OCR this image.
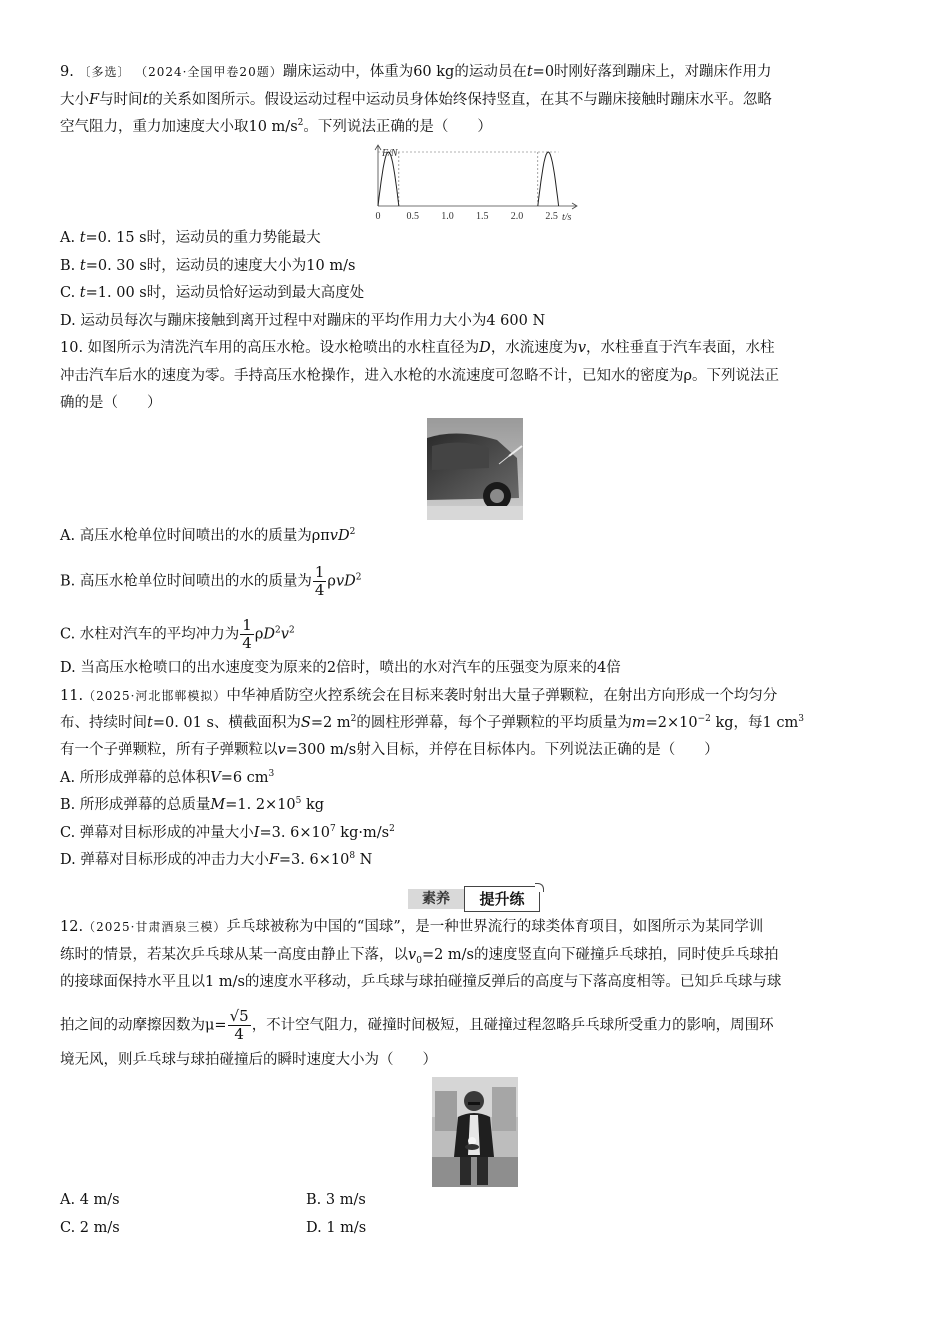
9. 〔多选〕 （2024·全国甲卷20题）蹦床运动中，体重为60 kg的运动员在t=0时刚好落到蹦床上，对蹦床作用力
大小F与时间t的关系如图所示。假设运动过程中运动员身体始终保持竖直，在其不与蹦床接触时蹦床水平。忽略
空气阻力，重力加速度大小取10 $m/s^2$。下列说法正确的是（　　）
F/N
t/s
0	0.5 1.0 1.5 2.0 2.5
A. t=0. 15 s时，运动员的重力势能最大
B. t=0. 30 s时，运动员的速度大小为10 m/s
C. t=1. 00 s时，运动员恰好运动到最大高度处
D. 运动员每次与蹦床接触到离开过程中对蹦床的平均作用力大小为4 600 N
10. 如图所示为清洗汽车用的高压水枪。设水枪喷出的水柱直径为D，水流速度为v，水柱垂直于汽车表面，水柱
冲击汽车后水的速度为零。手持高压水枪操作，进入水枪的水流速度可忽略不计，已知水的密度为ρ。下列说法正
确的是（　　）
A. 高压水枪单位时间喷出的水的质量为ρπvD$^2$
B. 高压水枪单位时间喷出的水的质量为 $\frac{1}{4} \rho vD^2$
C. 水柱对汽车的平均冲力为 $\frac{1}{4} \rho D^2v^2$
D. 当高压水枪喷口的出水速度变为原来的2倍时，喷出的水对汽车的压强变为原来的4倍
11.（2025·河北邯郸模拟）中华神盾防空火控系统会在目标来袭时射出大量子弹颗粒，在射出方向形成一个均匀分
布、持续时间t=0. 01 s、横截面积为S=2 $m^2$的圆柱形弹幕，每个子弹颗粒的平均质量为$m=2\times 10^{-2}$ kg，每1 $cm^3$
有一个子弹颗粒，所有子弹颗粒以v=300 m/s射入目标，并停在目标体内。下列说法正确的是（　　）
A. 所形成弹幕的总体积V=6 $cm^3$
B. 所形成弹幕的总质量M=1. $2\times 10^5$ kg
C. 弹幕对目标形成的冲量大小I=3. $6\times 10^7$ $kg\cdot m/s^2$
D. 弹幕对目标形成的冲击力大小F=3. $6\times 10^8$ N
素养	提升练
12.（2025·甘肃酒泉三模）乒乓球被称为中国的“国球”，是一种世界流行的球类体育项目，如图所示为某同学训
练时的情景，若某次乒乓球从某一高度由静止下落，以$v_0=2$ m/s的速度竖直向下碰撞乒乓球拍，同时使乒乓球拍
的接球面保持水平且以1 m/s的速度水平移动，乒乓球与球拍碰撞反弹后的高度与下落高度相等。已知乒乓球与球
拍之间的动摩擦因数为$\mu= \frac{√5}{4}$ ，不计空气阻力，碰撞时间极短，且碰撞过程忽略乒乓球所受重力的影响，周围环
境无风，则乒乓球与球拍碰撞后的瞬时速度大小为（　　）
A. 4 m/s	B. 3 m/s
C. 2 m/s	D. 1 m/s
